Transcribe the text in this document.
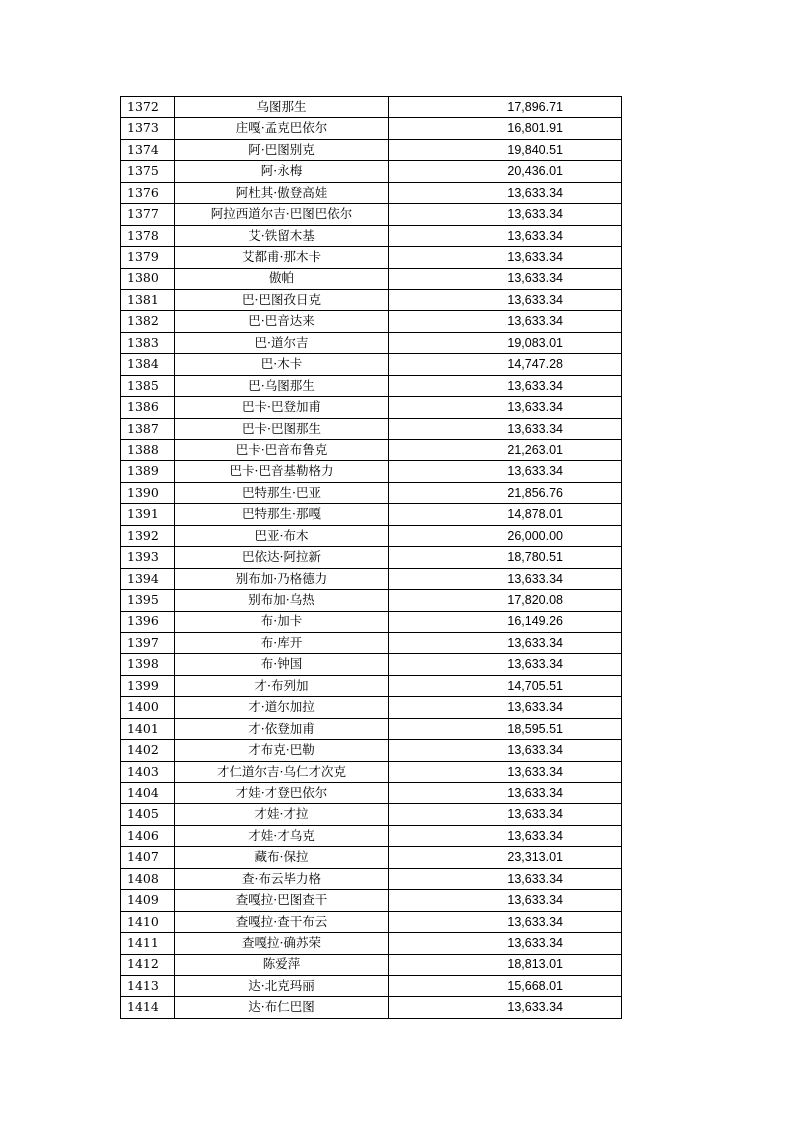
1372	乌图那生	17,896.71
1373	庄嘎·孟克巴依尔	16,801.91
1374	阿·巴图别克	19,840.51
1375	阿·永梅	20,436.01
1376	阿杜其·傲登高娃	13,633.34
1377	阿拉西道尔吉·巴图巴依尔	13,633.34
1378	艾·铁留木基	13,633.34
1379	艾都甫·那木卡	13,633.34
1380	傲帕	13,633.34
1381	巴·巴图孜日克	13,633.34
1382	巴·巴音达来	13,633.34
1383	巴·道尔吉	19,083.01
1384	巴·木卡	14,747.28
1385	巴·乌图那生	13,633.34
1386	巴卡·巴登加甫	13,633.34
1387	巴卡·巴图那生	13,633.34
1388	巴卡·巴音布鲁克	21,263.01
1389	巴卡·巴音基勒格力	13,633.34
1390	巴特那生·巴亚	21,856.76
1391	巴特那生·那嘎	14,878.01
1392	巴亚·布木	26,000.00
1393	巴依达·阿拉新	18,780.51
1394	别布加·乃格德力	13,633.34
1395	别布加·乌热	17,820.08
1396	布·加卡	16,149.26
1397	布·库开	13,633.34
1398	布·钟国	13,633.34
1399	才·布列加	14,705.51
1400	才·道尔加拉	13,633.34
1401	才·依登加甫	18,595.51
1402	才布克·巴勒	13,633.34
1403	才仁道尔吉·乌仁才次克	13,633.34
1404	才娃·才登巴依尔	13,633.34
1405	才娃·才拉	13,633.34
1406	才娃·才乌克	13,633.34
1407	藏布·保拉	23,313.01
1408	查·布云毕力格	13,633.34
1409	查嘎拉·巴图查干	13,633.34
1410	查嘎拉·查干布云	13,633.34
1411	查嘎拉·确苏荣	13,633.34
1412	陈爱萍	18,813.01
1413	达·北克玛丽	15,668.01
1414	达·布仁巴图	13,633.34
